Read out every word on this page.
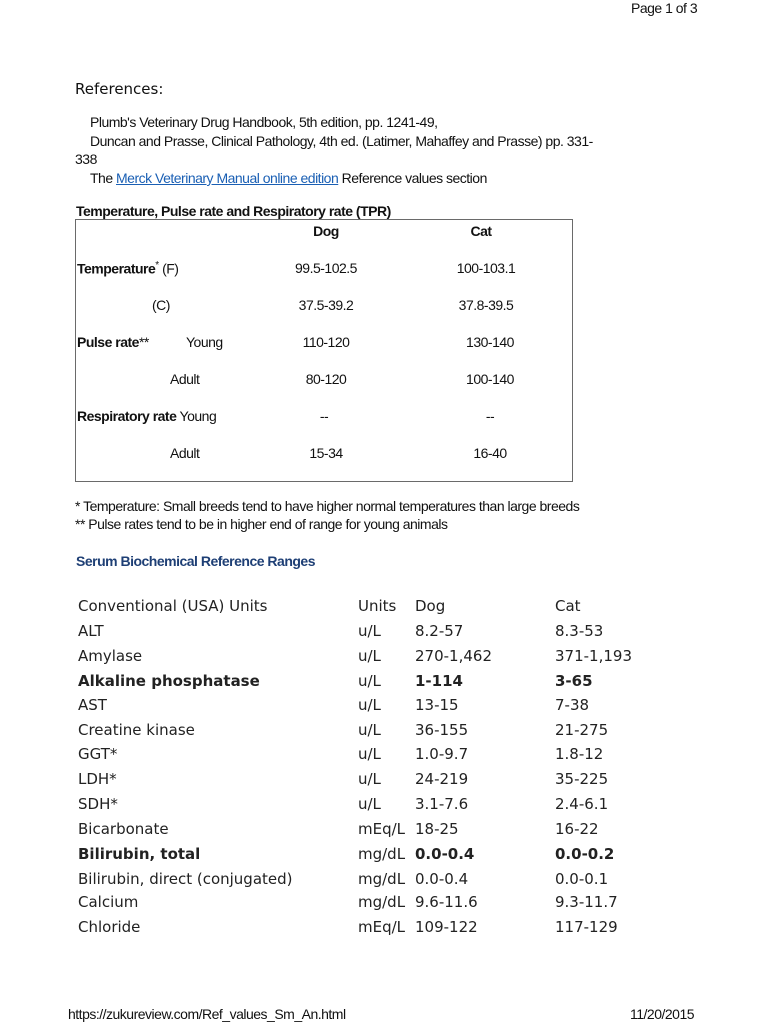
Page 1 of 3
References:
Plumb's Veterinary Drug Handbook, 5th edition, pp. 1241-49,
Duncan and Prasse, Clinical Pathology, 4th ed. (Latimer, Mahaffey and Prasse) pp. 331-
338
The Merck Veterinary Manual online edition Reference values section
Temperature, Pulse rate and Respiratory rate (TPR)
Dog	Cat
Temperature* (F)	99.5-102.5	100-103.1
(C)	37.5-39.2	37.8-39.5
Pulse rate**	Young	110-120	130-140
Adult	80-120	100-140
Respiratory rate Young	--	--
Adult	15-34	16-40
* Temperature: Small breeds tend to have higher normal temperatures than large breeds
** Pulse rates tend to be in higher end of range for young animals
Serum Biochemical Reference Ranges
Conventional (USA) Units	Units Dog	Cat
ALT	u/L 8.2-57	8.3-53
Amylase	u/L 270-1,462	371-1,193
Alkaline phosphatase	u/L 1-114	3-65
AST	u/L 13-15	7-38
Creatine kinase	u/L 36-155	21-275
GGT*	u/L 1.0-9.7	1.8-12
LDH*	u/L 24-219	35-225
SDH*	u/L 3.1-7.6	2.4-6.1
Bicarbonate	mEq/L 18-25	16-22
Bilirubin, total	mg/dL 0.0-0.4	0.0-0.2
Bilirubin, direct (conjugated)	mg/dL 0.0-0.4	0.0-0.1
Calcium	mg/dL 9.6-11.6	9.3-11.7
Chloride	mEq/L 109-122	117-129
https://zukureview.com/Ref_values_Sm_An.html	11/20/2015
